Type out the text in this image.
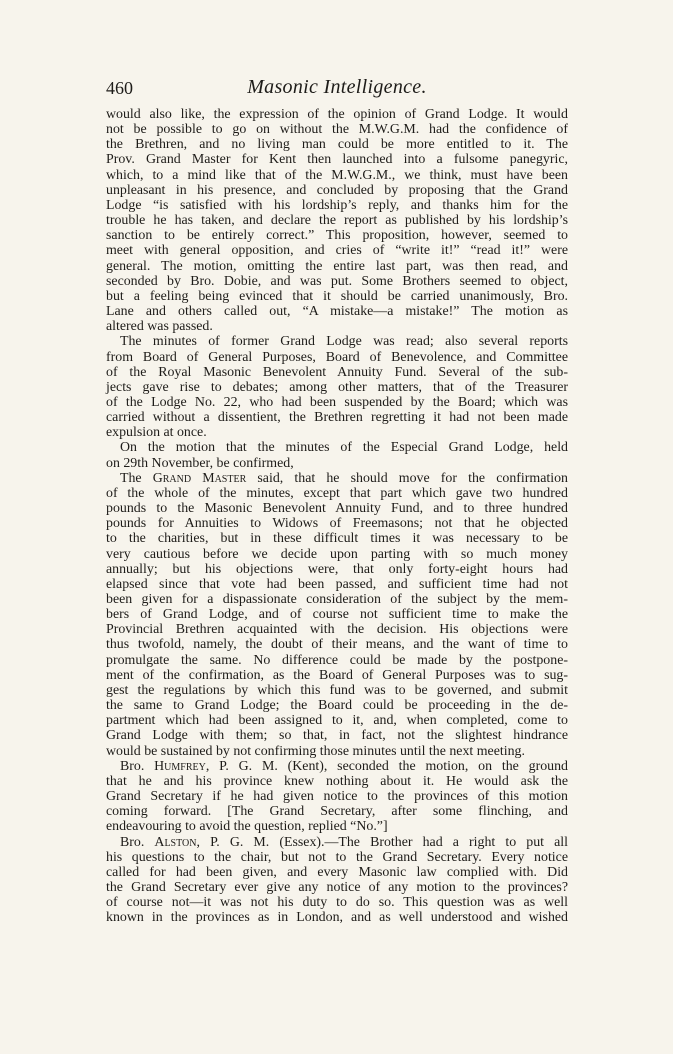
460	Masonic Intelligence.
would also like, the expression of the opinion of Grand Lodge. It would
not be possible to go on without the M.W.G.M. had the confidence of
the Brethren, and no living man could be more entitled to it. The
Prov. Grand Master for Kent then launched into a fulsome panegyric,
which, to a mind like that of the M.W.G.M., we think, must have been
unpleasant in his presence, and concluded by proposing that the Grand
Lodge “is satisfied with his lordship’s reply, and thanks him for the
trouble he has taken, and declare the report as published by his lordship’s
sanction to be entirely correct.” This proposition, however, seemed to
meet with general opposition, and cries of “write it!” “read it!” were
general. The motion, omitting the entire last part, was then read, and
seconded by Bro. Dobie, and was put. Some Brothers seemed to object,
but a feeling being evinced that it should be carried unanimously, Bro.
Lane and others called out, “A mistake—a mistake!” The motion as
altered was passed.
The minutes of former Grand Lodge was read; also several reports
from Board of General Purposes, Board of Benevolence, and Committee
of the Royal Masonic Benevolent Annuity Fund. Several of the sub-
jects gave rise to debates; among other matters, that of the Treasurer
of the Lodge No. 22, who had been suspended by the Board; which was
carried without a dissentient, the Brethren regretting it had not been made
expulsion at once.
On the motion that the minutes of the Especial Grand Lodge, held
on 29th November, be confirmed,
The Grand Master said, that he should move for the confirmation
of the whole of the minutes, except that part which gave two hundred
pounds to the Masonic Benevolent Annuity Fund, and to three hundred
pounds for Annuities to Widows of Freemasons; not that he objected
to the charities, but in these difficult times it was necessary to be
very cautious before we decide upon parting with so much money
annually; but his objections were, that only forty-eight hours had
elapsed since that vote had been passed, and sufficient time had not
been given for a dispassionate consideration of the subject by the mem-
bers of Grand Lodge, and of course not sufficient time to make the
Provincial Brethren acquainted with the decision. His objections were
thus twofold, namely, the doubt of their means, and the want of time to
promulgate the same. No difference could be made by the postpone-
ment of the confirmation, as the Board of General Purposes was to sug-
gest the regulations by which this fund was to be governed, and submit
the same to Grand Lodge; the Board could be proceeding in the de-
partment which had been assigned to it, and, when completed, come to
Grand Lodge with them; so that, in fact, not the slightest hindrance
would be sustained by not confirming those minutes until the next meeting.
Bro. Humfrey, P. G. M. (Kent), seconded the motion, on the ground
that he and his province knew nothing about it. He would ask the
Grand Secretary if he had given notice to the provinces of this motion
coming forward. [The Grand Secretary, after some flinching, and
endeavouring to avoid the question, replied “No.”]
Bro. Alston, P. G. M. (Essex).—The Brother had a right to put all
his questions to the chair, but not to the Grand Secretary. Every notice
called for had been given, and every Masonic law complied with. Did
the Grand Secretary ever give any notice of any motion to the provinces?
of course not—it was not his duty to do so. This question was as well
known in the provinces as in London, and as well understood and wished
